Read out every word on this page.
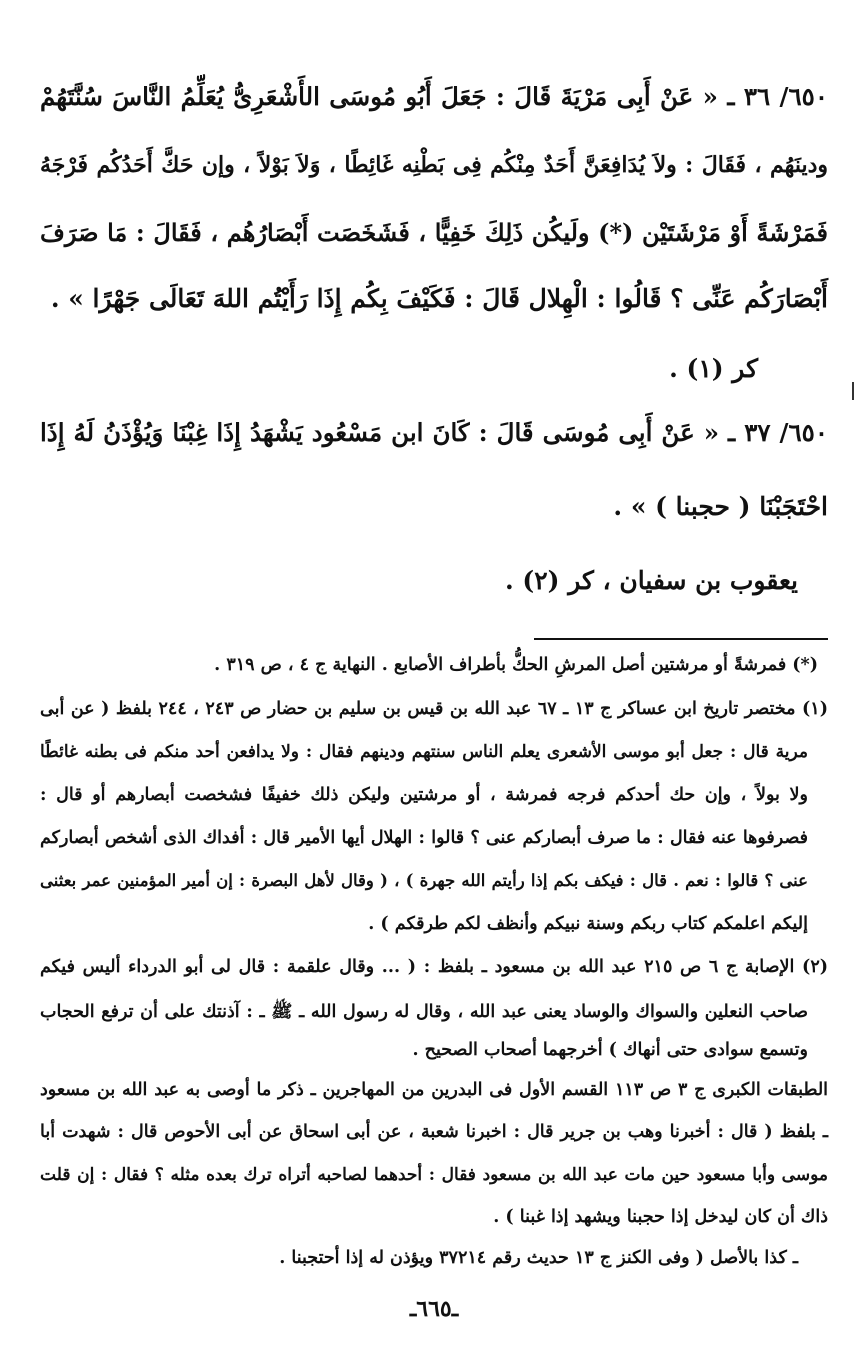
٦٥٠/ ٣٦ ـ « عَنْ أَبِى مَرْيَةَ قَالَ : جَعَلَ أَبُو مُوسَى الأَشْعَرِىُّ يُعَلِّمُ النَّاسَ سُنَّتَهُمْ
ودينَهُم ، فَقَالَ : ولاَ يُدَافِعَنَّ أَحَدٌ مِنْكُم فِى بَطْنِه غَائِطًا ، وَلاَ بَوْلاً ، وإن حَكَّ أَحَدُكُم فَرْجَهُ
فَمَرْشَةً أَوْ مَرْشَتَيْن (*) ولَيكُن ذَلِكَ خَفِيًّا ، فَشَخَصَت أَبْصَارُهُم ، فَقَالَ : مَا صَرَفَ
أَبْصَارَكُم عَنِّى ؟ قَالُوا : الْهِلال قَالَ : فَكَيْفَ بِكُم إِذَا رَأَيْتُم اللهَ تَعَالَى جَهْرًا » .
كر (١) .
٦٥٠/ ٣٧ ـ « عَنْ أَبِى مُوسَى قَالَ : كَانَ ابن مَسْعُود يَشْهَدُ إِذَا غِبْنَا وَيُؤْذَنُ لَهُ إِذَا
احْتَجَبْنَا ( حجبنا ) » .
يعقوب بن سفيان ، كر (٢) .
(*) فمرشةً أو مرشتين أصل المرشِ الحكُّ بأطراف الأصابع . النهاية ج ٤ ، ص ٣١٩ .
(١) مختصر تاريخ ابن عساكر ج ١٣ ـ ٦٧ عبد الله بن قيس بن سليم بن حضار ص ٢٤٣ ، ٢٤٤ بلفظ ( عن أبى
مرية قال : جعل أبو موسى الأشعرى يعلم الناس سنتهم ودينهم فقال : ولا يدافعن أحد منكم فى بطنه غائطًا
ولا بولاً ، وإن حك أحدكم فرجه فمرشة ، أو مرشتين وليكن ذلك خفيفًا فشخصت أبصارهم أو قال :
فصرفوها عنه فقال : ما صرف أبصاركم عنى ؟ قالوا : الهلال أيها الأمير قال : أفداك الذى أشخص أبصاركم
عنى ؟ قالوا : نعم . قال : فيكف بكم إذا رأيتم الله جهرة ) ، ( وقال لأهل البصرة : إن أمير المؤمنين عمر بعثنى
إليكم اعلمكم كتاب ربكم وسنة نبيكم وأنظف لكم طرقكم ) .
(٢) الإصابة ج ٦ ص ٢١٥ عبد الله بن مسعود ـ بلفظ : ( ... وقال علقمة : قال لى أبو الدرداء أليس فيكم
صاحب النعلين والسواك والوساد يعنى عبد الله ، وقال له رسول الله ـ ﷺ ـ : آذنتك على أن ترفع الحجاب
وتسمع سوادى حتى أنهاك ) أخرجهما أصحاب الصحيح .
الطبقات الكبرى ج ٣ ص ١١٣ القسم الأول فى البدرين من المهاجرين ـ ذكر ما أوصى به عبد الله بن مسعود
ـ بلفظ ( قال : أخبرنا وهب بن جرير قال : اخبرنا شعبة ، عن أبى اسحاق عن أبى الأحوص قال : شهدت أبا
موسى وأبا مسعود حين مات عبد الله بن مسعود فقال : أحدهما لصاحبه أتراه ترك بعده مثله ؟ فقال : إن قلت
ذاك أن كان ليدخل إذا حجبنا ويشهد إذا غبنا ) .
ـ كذا بالأصل ( وفى الكنز ج ١٣ حديث رقم ٣٧٢١٤ ويؤذن له إذا أحتجبنا .
ـ٦٦٥ـ
